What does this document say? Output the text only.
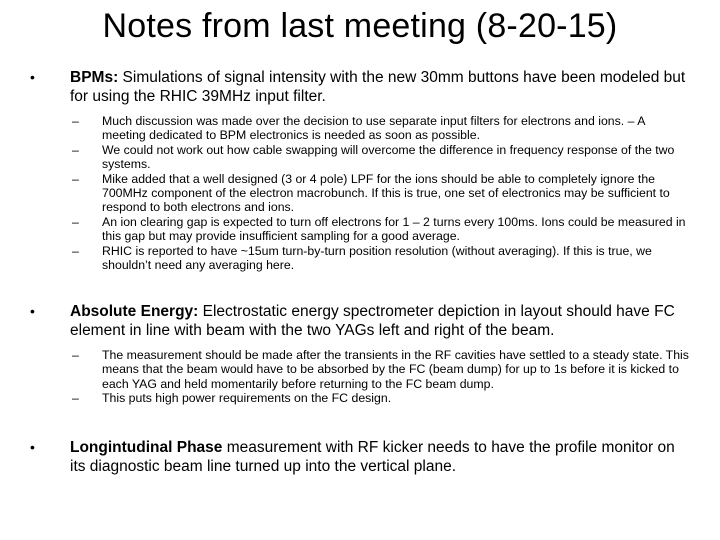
Notes from last meeting (8-20-15)
• BPMs: Simulations of signal intensity with the new 30mm buttons have been modeled but for using the RHIC 39MHz input filter.
– Much discussion was made over the decision to use separate input filters for electrons and ions. – A meeting dedicated to BPM electronics is needed as soon as possible.
– We could not work out how cable swapping will overcome the difference in frequency response of the two systems.
– Mike added that a well designed (3 or 4 pole) LPF for the ions should be able to completely ignore the 700MHz component of the electron macrobunch. If this is true, one set of electronics may be sufficient to respond to both electrons and ions.
– An ion clearing gap is expected to turn off electrons for 1 – 2 turns every 100ms. Ions could be measured in this gap but may provide insufficient sampling for a good average.
– RHIC is reported to have ~15um turn-by-turn position resolution (without averaging). If this is true, we shouldn’t need any averaging here.
• Absolute Energy: Electrostatic energy spectrometer depiction in layout should have FC element in line with beam with the two YAGs left and right of the beam.
– The measurement should be made after the transients in the RF cavities have settled to a steady state. This means that the beam would have to be absorbed by the FC (beam dump) for up to 1s before it is kicked to each YAG and held momentarily before returning to the FC beam dump.
– This puts high power requirements on the FC design.
• Longintudinal Phase measurement with RF kicker needs to have the profile monitor on its diagnostic beam line turned up into the vertical plane.
